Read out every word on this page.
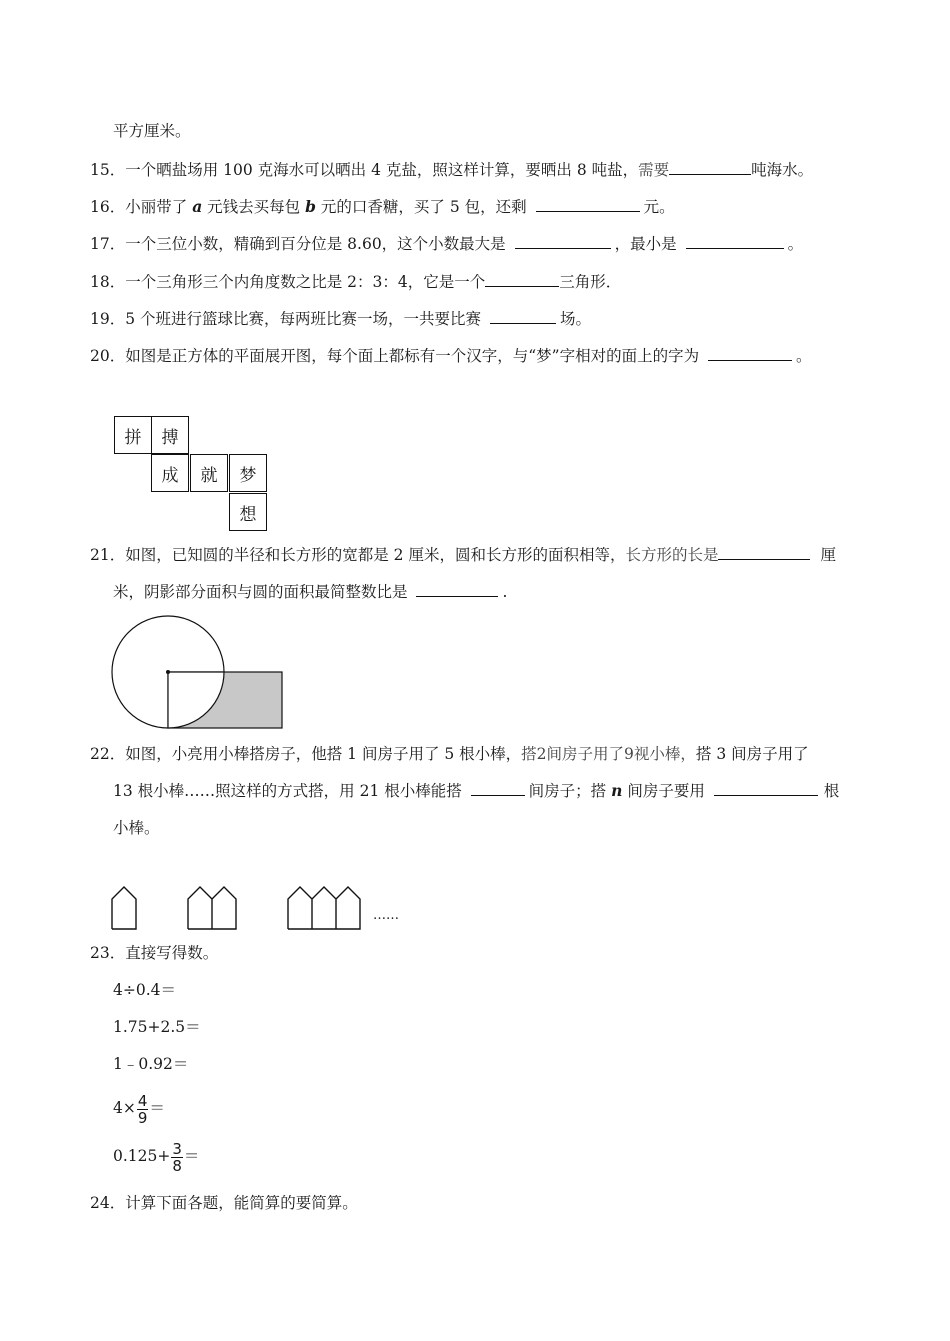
平方厘米。
15．一个晒盐场用 100 克海水可以晒出 4 克盐，照这样计算，要晒出 8 吨盐，需要	吨海水。
16．小丽带了 a 元钱去买每包 b 元的口香糖，买了 5 包，还剩	元。
17．一个三位小数，精确到百分位是 8.60，这个小数最大是	，最小是	。
18．一个三角形三个内角度数之比是 2：3：4，它是一个	三角形．
19．5 个班进行篮球比赛，每两班比赛一场，一共要比赛	场。
20．如图是正方体的平面展开图，每个面上都标有一个汉字，与“梦”字相对的面上的字为	。
拼	搏
成	就	梦
想
21．如图，已知圆的半径和长方形的宽都是 2 厘米，圆和长方形的面积相等，长方形的长是	厘
米，阴影部分面积与圆的面积最简整数比是	.
22．如图，小亮用小棒搭房子，他搭 1 间房子用了 5 根小棒，搭2间房子用了9视小棒，搭 3 间房子用了
13 根小棒……照这样的方式搭，用 21 根小棒能搭	间房子；搭 n 间房子要用	根
小棒。
……
23．直接写得数。
4÷0.4＝
1.75+2.5＝
1﹣0.92＝
$4\times \frac{4}{9}$ ＝
$0.125+ \frac{3}{8}$ ＝
24．计算下面各题，能简算的要简算。
